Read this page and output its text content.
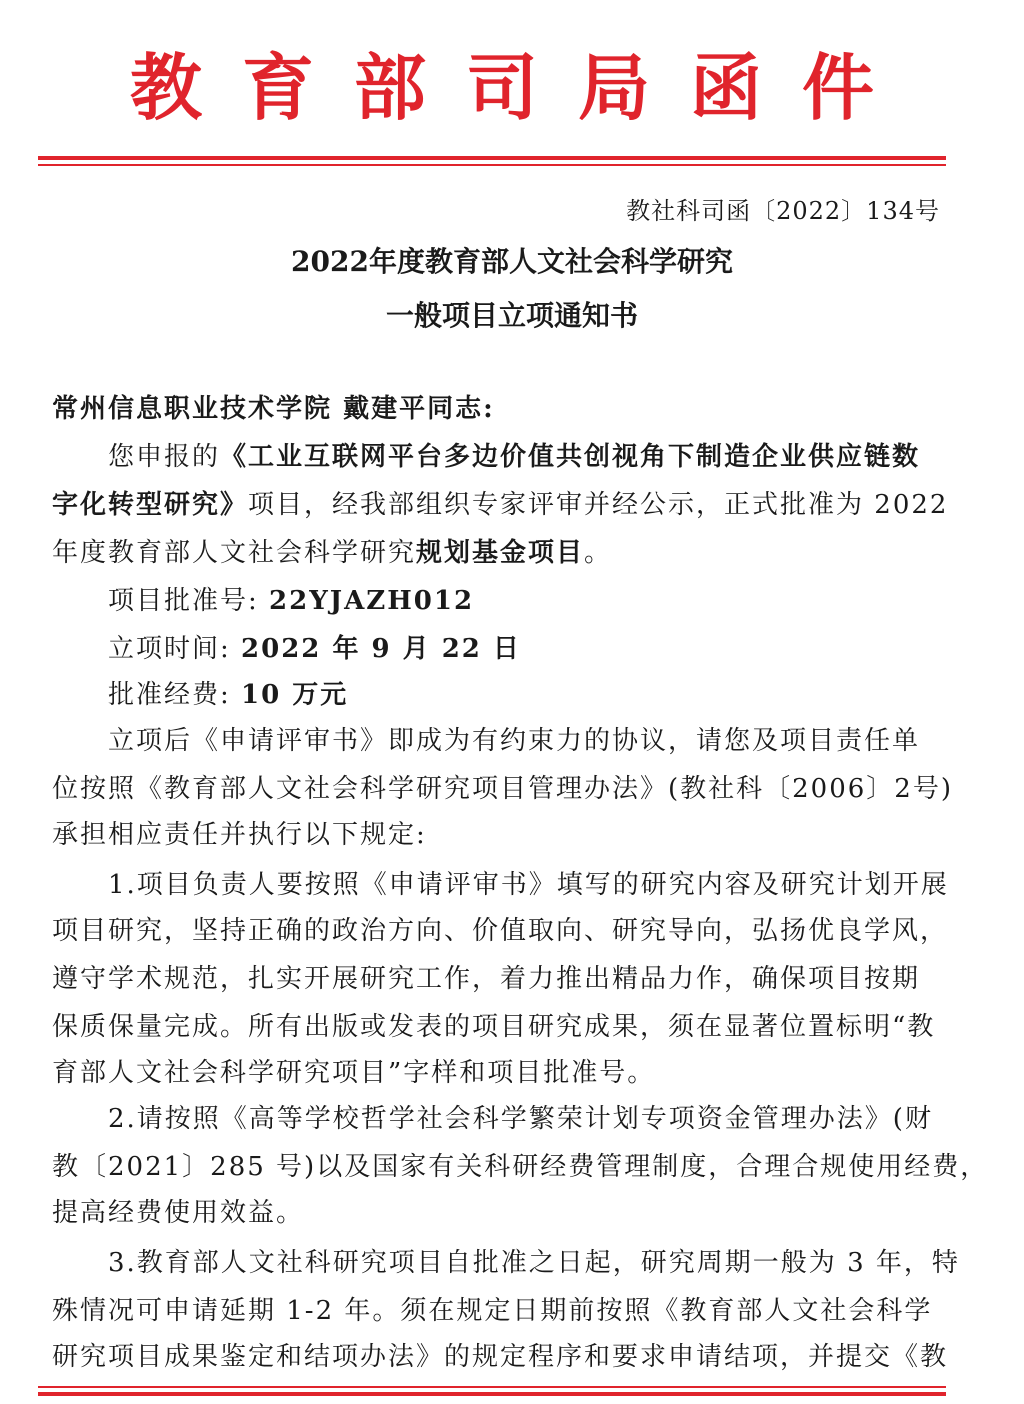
教育部司局函件
教社科司函〔2022〕134号
2022年度教育部人文社会科学研究
一般项目立项通知书
常州信息职业技术学院 戴建平同志:
您申报的《工业互联网平台多边价值共创视角下制造企业供应链数
字化转型研究》项目，经我部组织专家评审并经公示，正式批准为 2022
年度教育部人文社会科学研究规划基金项目。
项目批准号: 22YJAZH012
立项时间: 2022 年 9 月 22 日
批准经费: 10 万元
立项后《申请评审书》即成为有约束力的协议，请您及项目责任单
位按照《教育部人文社会科学研究项目管理办法》(教社科〔2006〕2号)
承担相应责任并执行以下规定:
1.项目负责人要按照《申请评审书》填写的研究内容及研究计划开展
项目研究，坚持正确的政治方向、价值取向、研究导向，弘扬优良学风，
遵守学术规范，扎实开展研究工作，着力推出精品力作，确保项目按期
保质保量完成。所有出版或发表的项目研究成果，须在显著位置标明“教
育部人文社会科学研究项目”字样和项目批准号。
2.请按照《高等学校哲学社会科学繁荣计划专项资金管理办法》(财
教〔2021〕285 号)以及国家有关科研经费管理制度，合理合规使用经费，
提高经费使用效益。
3.教育部人文社科研究项目自批准之日起，研究周期一般为 3 年，特
殊情况可申请延期 1-2 年。须在规定日期前按照《教育部人文社会科学
研究项目成果鉴定和结项办法》的规定程序和要求申请结项，并提交《教
